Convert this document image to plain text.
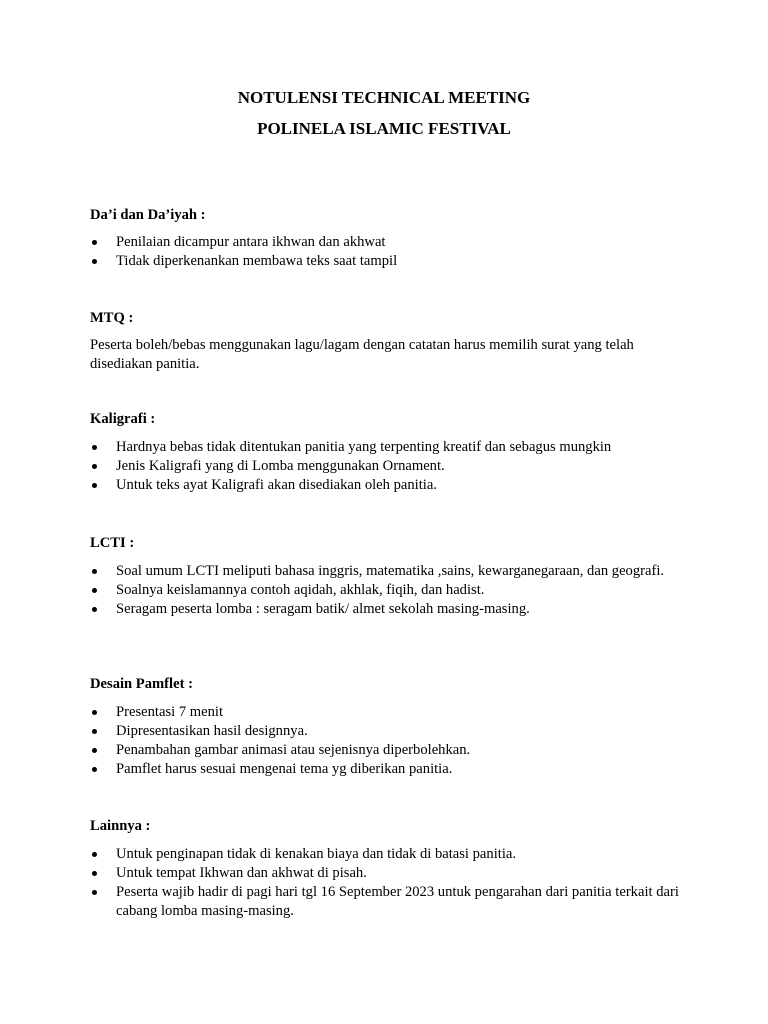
NOTULENSI TECHNICAL MEETING
POLINELA ISLAMIC FESTIVAL
Da’i dan Da’iyah :
Penilaian dicampur antara ikhwan dan akhwat
Tidak diperkenankan membawa teks saat tampil
MTQ :
Peserta boleh/bebas menggunakan lagu/lagam dengan catatan harus memilih surat yang telah
disediakan panitia.
Kaligrafi :
Hardnya bebas tidak ditentukan panitia yang terpenting kreatif dan sebagus mungkin
Jenis Kaligrafi yang di Lomba menggunakan Ornament.
Untuk teks ayat Kaligrafi akan disediakan oleh panitia.
LCTI :
Soal umum LCTI meliputi bahasa inggris, matematika ,sains, kewarganegaraan, dan geografi.
Soalnya keislamannya contoh aqidah, akhlak, fiqih, dan hadist.
Seragam peserta lomba : seragam batik/ almet sekolah masing-masing.
Desain Pamflet :
Presentasi 7 menit
Dipresentasikan hasil designnya.
Penambahan gambar animasi atau sejenisnya diperbolehkan.
Pamflet harus sesuai mengenai tema yg diberikan panitia.
Lainnya :
Untuk penginapan tidak di kenakan biaya dan tidak di batasi panitia.
Untuk tempat Ikhwan dan akhwat di pisah.
Peserta wajib hadir di pagi hari tgl 16 September 2023 untuk pengarahan dari panitia terkait dari cabang lomba masing-masing.
